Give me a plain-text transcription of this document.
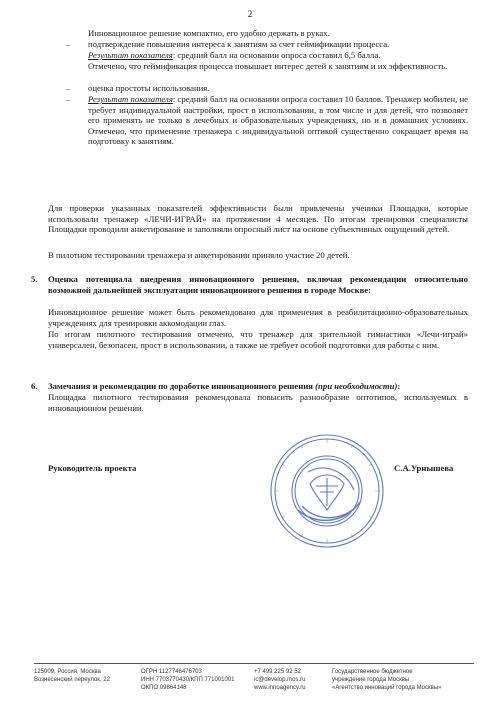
2
Инновационное решение компактно, его удобно держать в руках.
– подтверждение повышения интереса к занятиям за счет геймификации процесса.
Результат показателя: средний балл на основании опроса составил 6,5 балла.
Отмечено, что геймификация процесса повышает интерес детей к занятиям и их эффективность.
– оценка простоты использования.
– Результат показателя: средний балл на основании опроса составил 10 баллов. Тренажер мобилен, не требует индивидуальной настройки, прост в использовании, в том числе и для детей, что позволяет его применять не только в лечебных и образовательных учреждениях, но и в домашних условиях. Отмечено, что применение тренажера с индивидуальной оптикой существенно сокращает время на подготовку к занятиям.
Для проверки указанных показателей эффективности были привлечены ученики Площадки, которые использовали тренажер «ЛЕЧИ-ИГРАЙ» на протяжении 4 месяцев. По итогам тренировки специалисты Площадки проводили анкетирование и заполняли опросный лист на основе субъективных ощущений детей.
В пилотном тестировании тренажера и анкетировании приняло участие 20 детей.
5. Оценка потенциала внедрения инновационного решения, включая рекомендации относительно возможной дальнейшей эксплуатации инновационного решения в городе Москве:
Инновационное решение может быть рекомендовано для применения в реабилитационно-образовательных учреждениях для тренировки аккомодации глаз.
По итогам пилотного тестирования отмечено, что тренажер для зрительной гимнастики «Лечи-играй» универсален, безопасен, прост в использовании, а также не требует особой подготовки для работы с ним.
6. Замечания и рекомендации по доработке инновационного решения (при необходимости):
Площадка пилотного тестирования рекомендовала повысить разнообразие оптотипов, используемых в инновационном решении.
Руководитель проекта	С.А.Урнышева
125009, Россия, Москва
Вознесенский переулок, 22
ОГРН 1127746476703
ИНН 7703770430/КПП 771001001
ОКПО 09864148
+7 499 225 92 52
ic@develop.mos.ru
www.innoagency.ru
Государственное бюджетное
учреждение города Москвы
«Агентство инноваций города Москвы»
